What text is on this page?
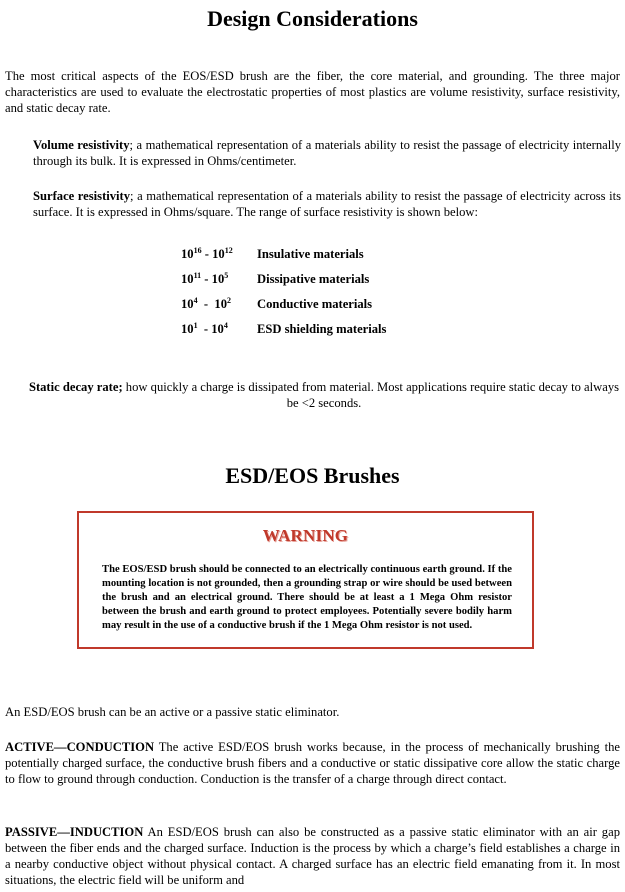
Design Considerations

The most critical aspects of the EOS/ESD brush are the fiber, the core material, and grounding. The three major characteristics are used to evaluate the electrostatic properties of most plastics are volume resistivity, surface resistivity, and static decay rate.

Volume resistivity; a mathematical representation of a materials ability to resist the passage of electricity internally through its bulk. It is expressed in Ohms/centimeter.

Surface resistivity; a mathematical representation of a materials ability to resist the passage of electricity across its surface. It is expressed in Ohms/square. The range of surface resistivity is shown below:

$10^{16} - 10^{12}$ Insulative materials
$10^{11} - 10^5$ Dissipative materials
$10^4 - 10^2$ Conductive materials
$10^1 - 10^4$ ESD shielding materials

Static decay rate; how quickly a charge is dissipated from material. Most applications require static decay to always be <2 seconds.

ESD/EOS Brushes
WARNING
The EOS/ESD brush should be connected to an electrically continuous earth ground. If the mounting location is not grounded, then a grounding strap or wire should be used between the brush and an electrical ground. There should be at least a 1 Mega Ohm resistor between the brush and earth ground to protect employees. Potentially severe bodily harm may result in the use of a conductive brush if the 1 Mega Ohm resistor is not used.

An ESD/EOS brush can be an active or a passive static eliminator.

ACTIVE—CONDUCTION The active ESD/EOS brush works because, in the process of mechanically brushing the potentially charged surface, the conductive brush fibers and a conductive or static dissipative core allow the static charge to flow to ground through conduction. Conduction is the transfer of a charge through direct contact.

PASSIVE—INDUCTION An ESD/EOS brush can also be constructed as a passive static eliminator with an air gap between the fiber ends and the charged surface. Induction is the process by which a charge’s field establishes a charge in a nearby conductive object without physical contact. A charged surface has an electric field emanating from it. In most situations, the electric field will be uniform and
